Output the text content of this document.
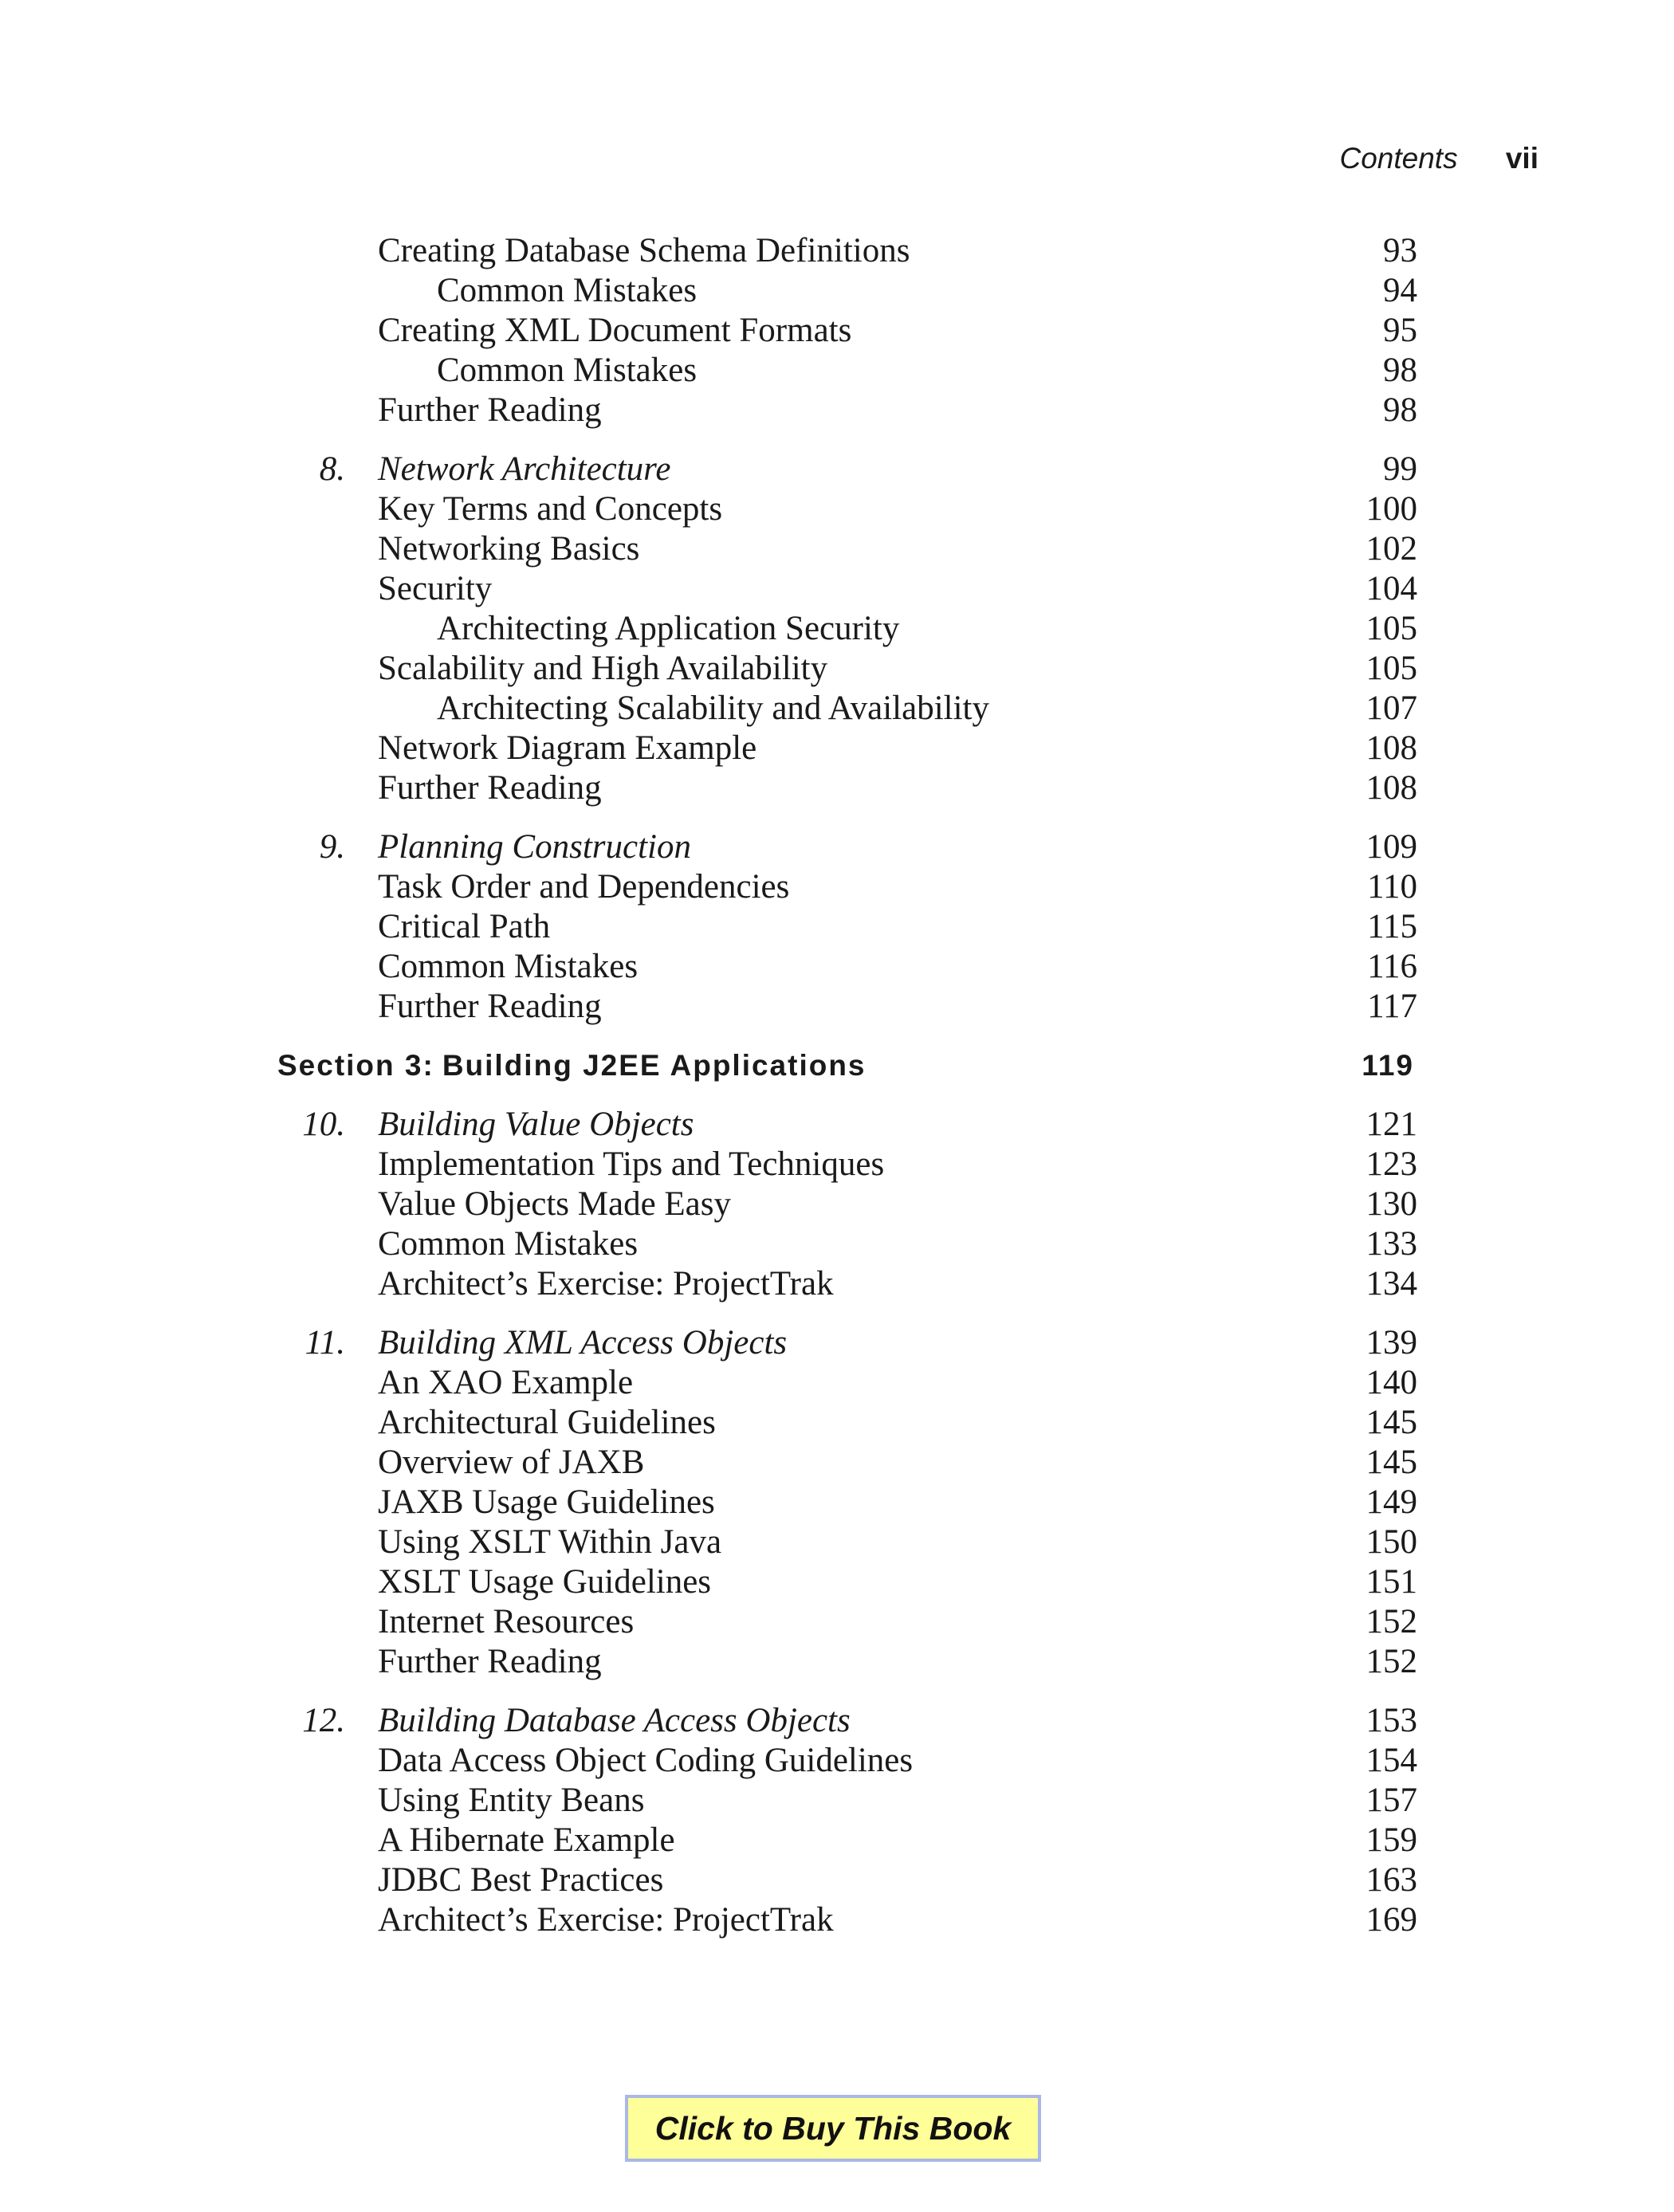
Contents vii
Creating Database Schema Definitions	93
Common Mistakes	94
Creating XML Document Formats	95
Common Mistakes	98
Further Reading	98
8. Network Architecture	99
Key Terms and Concepts	100
Networking Basics	102
Security	104
Architecting Application Security	105
Scalability and High Availability	105
Architecting Scalability and Availability	107
Network Diagram Example	108
Further Reading	108
9. Planning Construction	109
Task Order and Dependencies	110
Critical Path	115
Common Mistakes	116
Further Reading	117
Section 3: Building J2EE Applications	119
10. Building Value Objects	121
Implementation Tips and Techniques	123
Value Objects Made Easy	130
Common Mistakes	133
Architect’s Exercise: ProjectTrak	134
11. Building XML Access Objects	139
An XAO Example	140
Architectural Guidelines	145
Overview of JAXB	145
JAXB Usage Guidelines	149
Using XSLT Within Java	150
XSLT Usage Guidelines	151
Internet Resources	152
Further Reading	152
12. Building Database Access Objects	153
Data Access Object Coding Guidelines	154
Using Entity Beans	157
A Hibernate Example	159
JDBC Best Practices	163
Architect’s Exercise: ProjectTrak	169
Click to Buy This Book
